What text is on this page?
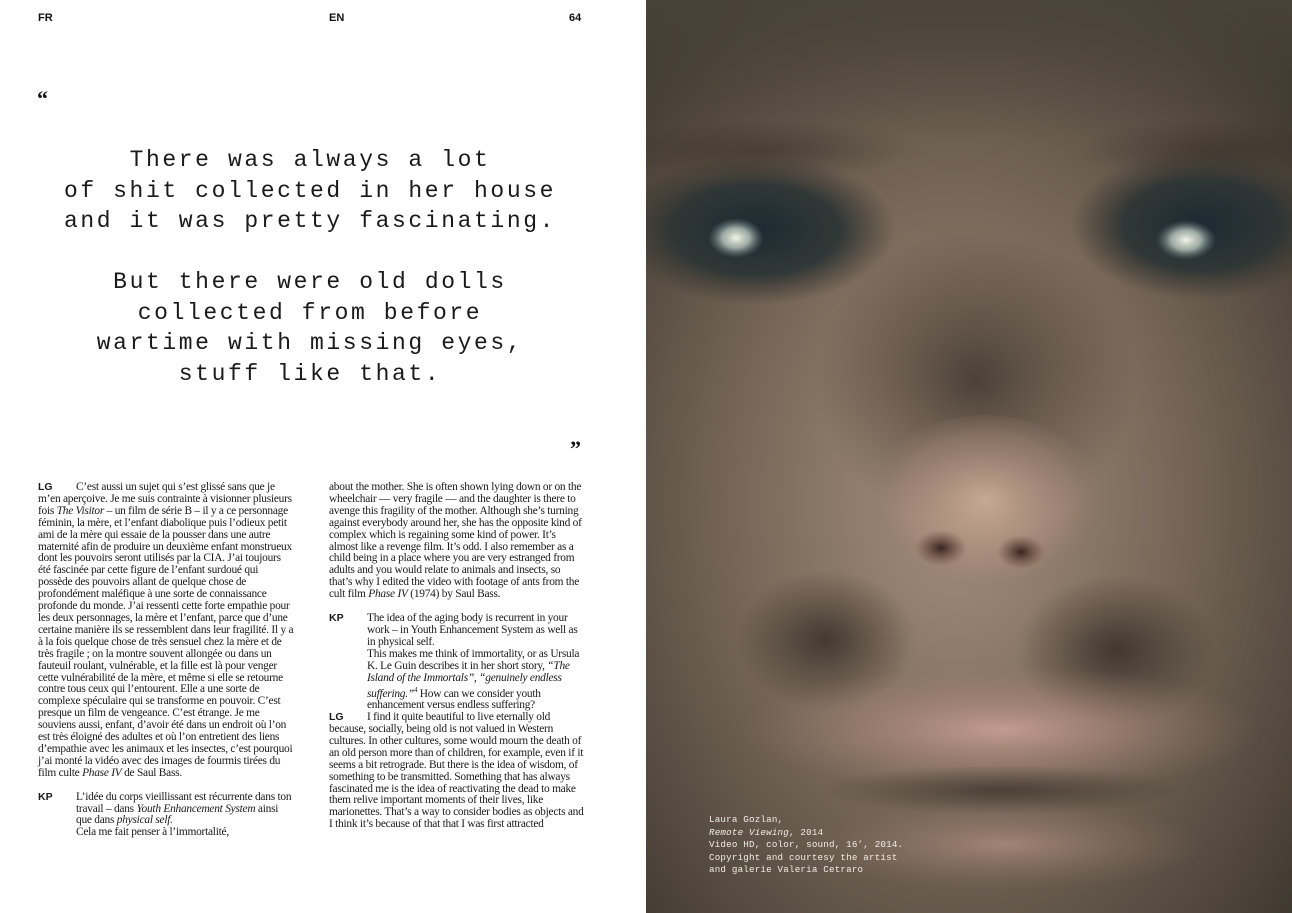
FR	EN	64
“
There was always a lot
of shit collected in her house
and it was pretty fascinating.
But there were old dolls
collected from before
wartime with missing eyes,
stuff like that.
”

LG C’est aussi un sujet qui s’est glissé sans que je m’en aperçoive. Je me suis contrainte à visionner plusieurs fois The Visitor – un film de série B – il y a ce personnage féminin, la mère, et l’enfant diabolique puis l’odieux petit ami de la mère qui essaie de la pousser dans une autre maternité afin de produire un deuxième enfant monstrueux dont les pouvoirs seront utilisés par la CIA. J’ai toujours été fascinée par cette figure de l’enfant surdoué qui possède des pouvoirs allant de quelque chose de profondément maléfique à une sorte de connaissance profonde du monde. J’ai ressenti cette forte empathie pour les deux personnages, la mère et l’enfant, parce que d’une certaine manière ils se ressemblent dans leur fragilité. Il y a à la fois quelque chose de très sensuel chez la mère et de très fragile ; on la montre souvent allongée ou dans un fauteuil roulant, vulnérable, et la fille est là pour venger cette vulnérabilité de la mère, et même si elle se retourne contre tous ceux qui l’entourent. Elle a une sorte de complexe spéculaire qui se transforme en pouvoir. C’est presque un film de vengeance. C’est étrange. Je me souviens aussi, enfant, d’avoir été dans un endroit où l’on est très éloigné des adultes et où l’on entretient des liens d’empathie avec les animaux et les insectes, c’est pourquoi j’ai monté la vidéo avec des images de fourmis tirées du film culte Phase IV de Saul Bass.

KP L’idée du corps vieillissant est récurrente dans ton travail – dans Youth Enhancement System ainsi que dans physical self.
Cela me fait penser à l’immortalité,

about the mother. She is often shown lying down or on the wheelchair — very fragile — and the daughter is there to avenge this fragility of the mother. Although she’s turning against everybody around her, she has the opposite kind of complex which is regaining some kind of power. It’s almost like a revenge film. It’s odd. I also remember as a child being in a place where you are very estranged from adults and you would relate to animals and insects, so that’s why I edited the video with footage of ants from the cult film Phase IV (1974) by Saul Bass.

KP The idea of the aging body is recurrent in your work – in Youth Enhancement System as well as in physical self.
This makes me think of immortality, or as Ursula K. Le Guin describes it in her short story, “The Island of the Immortals”, “genuinely endless suffering.”$^4$ How can we consider youth enhancement versus endless suffering?

LG I find it quite beautiful to live eternally old because, socially, being old is not valued in Western cultures. In other cultures, some would mourn the death of an old person more than of children, for example, even if it seems a bit retrograde. But there is the idea of wisdom, of something to be transmitted. Something that has always fascinated me is the idea of reactivating the dead to make them relive important moments of their lives, like marionettes. That’s a way to consider bodies as objects and I think it’s because of that that I was first attracted	Laura Gozlan,
Remote Viewing, 2014
Video HD, color, sound, 16’, 2014.
Copyright and courtesy the artist
and galerie Valeria Cetraro
